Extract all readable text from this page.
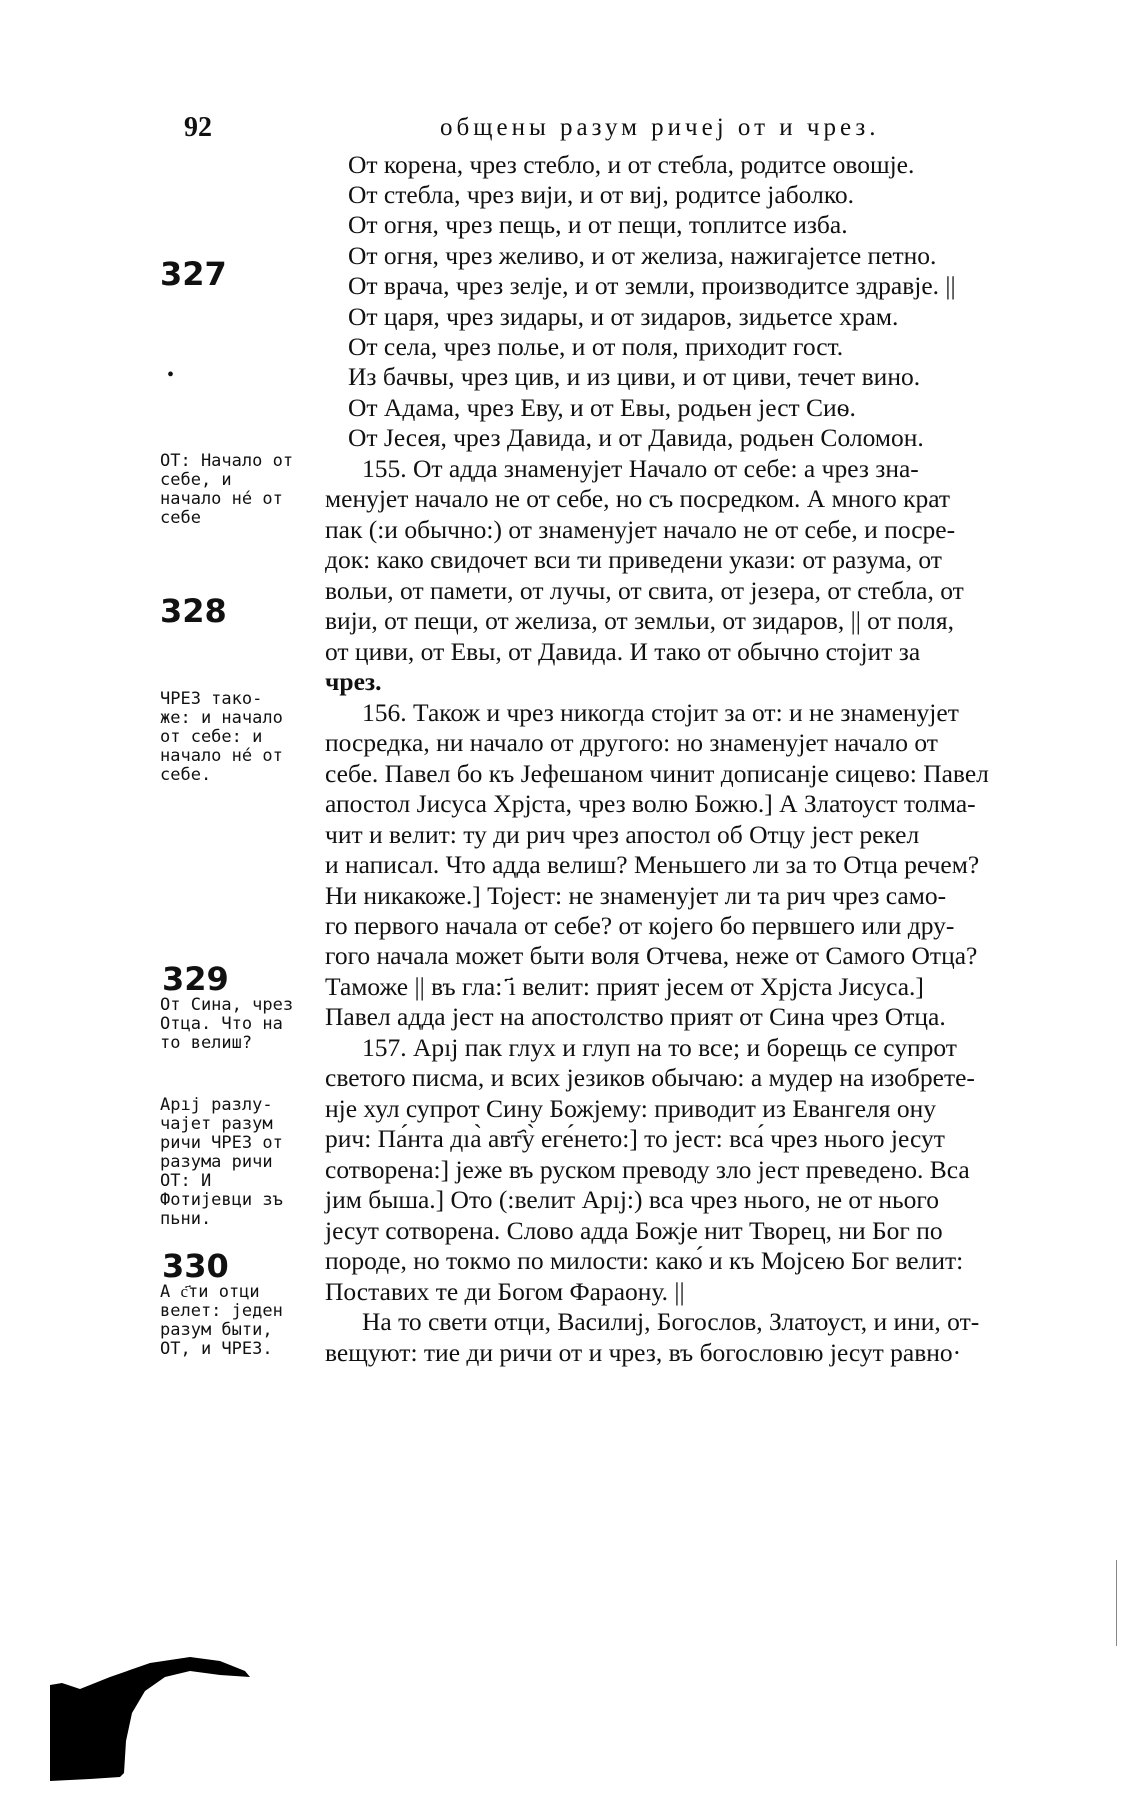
92	общены разум ричеј от и чрез.
327
328
329
330
•
ОТ: Начало от себе, и начало не́ от себе
ЧРЕЗ тако- же: и начало от себе: и начало не́ от себе.
От Сина, чрез Отца. Что на то велиш?
Арıј разлу- чајет разум ричи ЧРЕЗ от разума ричи ОТ: И Фотијевци зъ пьни.
А с҃ти отци велет: једен разум быти, ОТ, и ЧРЕЗ.
От корена, чрез стебло, и от стебла, родитсе овошје.
От стебла, чрез вији, и от виј, родитсе јаболко.
От огня, чрез пещь, и от пещи, топлитсе изба.
От огня, чрез желиво, и от желиза, нажигајетсе петно.
От врача, чрез зелје, и от земли, производитсе здравје. ||
От царя, чрез зидары, и от зидаров, зидьетсе храм.
От села, чрез полье, и от поля, приходит гост.
Из бачвы, чрез цив, и из циви, и от циви, течет вино.
От Адама, чрез Еву, и от Евы, родьен јест Сиѳ.
От Јесея, чрез Давида, и от Давида, родьен Соломон.
155. От адда знаменујет Начало от себе: а чрез зна-
менујет начало не от себе, но съ посредком. А много крат
пак (:и обычно:) от знаменујет начало не от себе, и посре-
док: како свидочет вси ти приведени укази: от разума, от
вольи, от памети, от лучы, от свита, от језера, от стебла, от
вији, от пещи, от желиза, от земльи, от зидаров, || от поля,
от циви, от Евы, от Давида. И тако от обычно стојит за
чрез.
156. Також и чрез никогда стојит за от: и не знаменујет
посредка, ни начало от другого: но знаменујет начало от
себе. Павел бо къ Јефешаном чинит дописанје сицево: Павел
апостол Јисуса Хрјста, чрез волю Божю.] А Златоуст толма-
чит и велит: ту ди рич чрез апостол об Отцу јест рекел
и написал. Что адда велиш? Меньшего ли за то Отца речем?
Ни никакоже.] Тојест: не знаменујет ли та рич чрез само-
го первого начала от себе? от којего бо первшего или дру-
гого начала может быти воля Отчева, неже от Самого Отца?
Таможе || въ гла: ҃ı велит: прият јесем от Хрјста Јисуса.]
Павел адда јест на апостолство прият от Сина чрез Отца.
157. Арıј пак глух и глуп на то все; и борещь се супрот
светого писма, и всих језиков обычаю: а мудер на изобрете-
нје хул супрот Сину Божјему: приводит из Евангеля ону
рич: Па́нта дıа̀ авт҄у̀ еге́нето:] то јест: вса́ чрез нього јесут
сотворена:] јеже въ руском преводу зло јест преведено. Вса
јим быша.] Ото (:велит Арıј:) вса чрез нього, не от нього
јесут сотворена. Слово адда Божје нит Творец, ни Бог по
породе, но токмо по милости: како́ и къ Мојсею Бог велит:
Поставих те ди Богом Фараону. ||
На то свети отци, Василиј, Богослов, Златоуст, и ини, от-
вещуют: тие ди ричи от и чрез, въ богословıю јесут равно·
